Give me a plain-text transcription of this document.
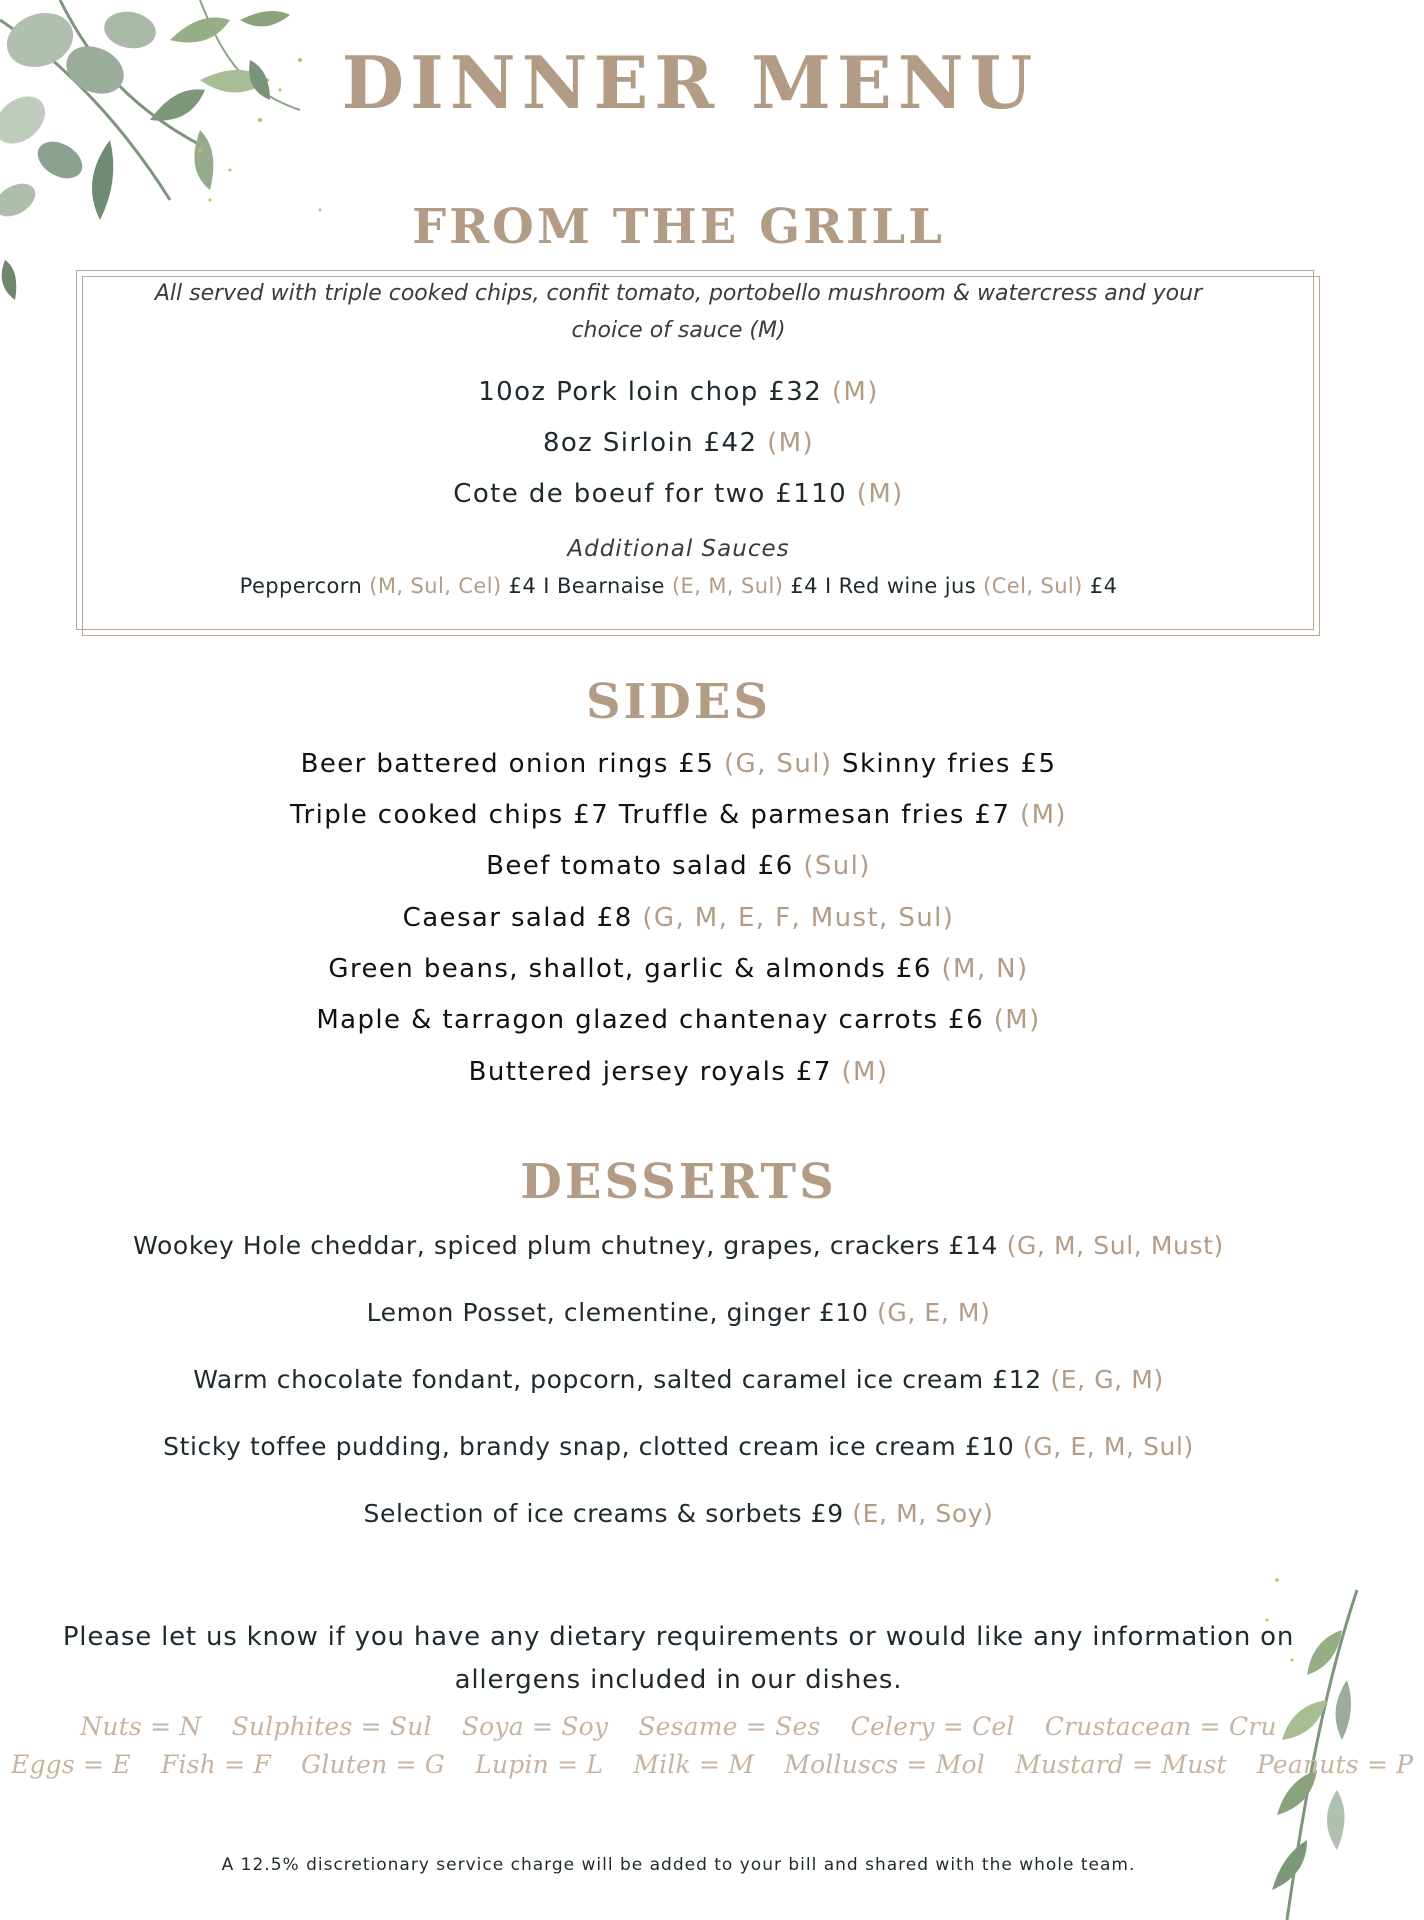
DINNER MENU
FROM THE GRILL
All served with triple cooked chips, confit tomato, portobello mushroom & watercress and your
choice of sauce (M)
10oz Pork loin chop £32 (M)
8oz Sirloin £42 (M)
Cote de boeuf for two £110 (M)
Additional Sauces
Peppercorn (M, Sul, Cel) £4 I Bearnaise (E, M, Sul) £4 I Red wine jus (Cel, Sul) £4
SIDES
Beer battered onion rings £5 (G, Sul) Skinny fries £5
Triple cooked chips £7 Truffle & parmesan fries £7 (M)
Beef tomato salad £6 (Sul)
Caesar salad £8 (G, M, E, F, Must, Sul)
Green beans, shallot, garlic & almonds £6 (M, N)
Maple & tarragon glazed chantenay carrots £6 (M)
Buttered jersey royals £7 (M)
DESSERTS
Wookey Hole cheddar, spiced plum chutney, grapes, crackers £14 (G, M, Sul, Must)
Lemon Posset, clementine, ginger £10 (G, E, M)
Warm chocolate fondant, popcorn, salted caramel ice cream £12 (E, G, M)
Sticky toffee pudding, brandy snap, clotted cream ice cream £10 (G, E, M, Sul)
Selection of ice creams & sorbets £9 (E, M, Soy)
Please let us know if you have any dietary requirements or would like any information on
allergens included in our dishes.
Nuts = N Sulphites = Sul Soya = Soy Sesame = Ses Celery = Cel Crustacean = Cru
Eggs = E Fish = F Gluten = G Lupin = L Milk = M Molluscs = Mol Mustard = Must Peanuts = P
A 12.5% discretionary service charge will be added to your bill and shared with the whole team.
